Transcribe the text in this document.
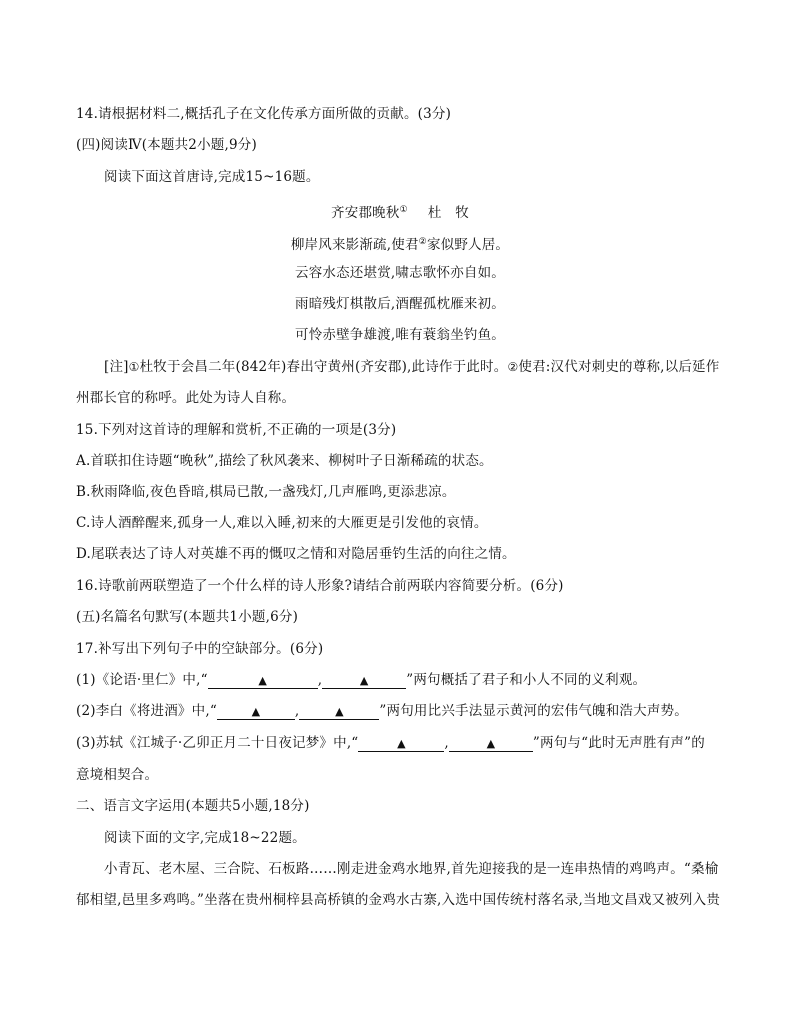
14.请根据材料二,概括孔子在文化传承方面所做的贡献。(3分)
(四)阅读Ⅳ(本题共2小题,9分)
阅读下面这首唐诗,完成15~16题。
齐安郡晚秋① 杜　牧
柳岸风来影渐疏,使君②家似野人居。
云容水态还堪赏,啸志歌怀亦自如。
雨暗残灯棋散后,酒醒孤枕雁来初。
可怜赤壁争雄渡,唯有蓑翁坐钓鱼。
[注]①杜牧于会昌二年(842年)春出守黄州(齐安郡),此诗作于此时。②使君:汉代对刺史的尊称,以后延作
州郡长官的称呼。此处为诗人自称。
15.下列对这首诗的理解和赏析,不正确的一项是(3分)
A.首联扣住诗题“晚秋”,描绘了秋风袭来、柳树叶子日渐稀疏的状态。
B.秋雨降临,夜色昏暗,棋局已散,一盏残灯,几声雁鸣,更添悲凉。
C.诗人酒醉醒来,孤身一人,难以入睡,初来的大雁更是引发他的哀情。
D.尾联表达了诗人对英雄不再的慨叹之情和对隐居垂钓生活的向往之情。
16.诗歌前两联塑造了一个什么样的诗人形象?请结合前两联内容简要分析。(6分)
(五)名篇名句默写(本题共1小题,6分)
17.补写出下列句子中的空缺部分。(6分)
(1)《论语·里仁》中,“	▲	,	▲	”两句概括了君子和小人不同的义利观。
(2)李白《将进酒》中,“	▲	,	▲	”两句用比兴手法显示黄河的宏伟气魄和浩大声势。
(3)苏轼《江城子·乙卯正月二十日夜记梦》中,“	▲	,	▲	”两句与“此时无声胜有声”的
意境相契合。
二、语言文字运用(本题共5小题,18分)
阅读下面的文字,完成18~22题。
小青瓦、老木屋、三合院、石板路……刚走进金鸡水地界,首先迎接我的是一连串热情的鸡鸣声。“桑榆
郁相望,邑里多鸡鸣。”坐落在贵州桐梓县高桥镇的金鸡水古寨,入选中国传统村落名录,当地文昌戏又被列入贵
